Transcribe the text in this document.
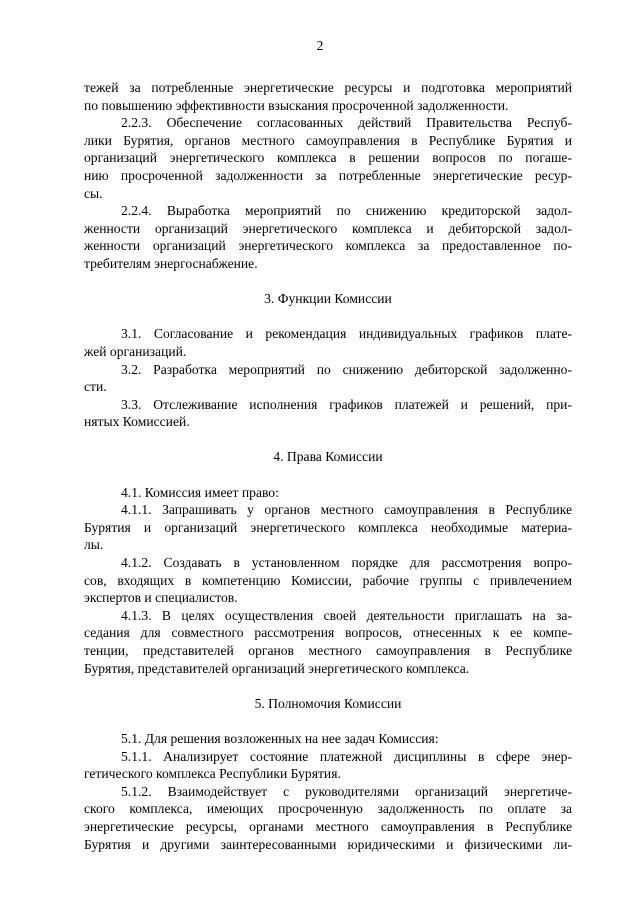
2
тежей за потребленные энергетические ресурсы и подготовка мероприятий
по повышению эффективности взыскания просроченной задолженности.
2.2.3. Обеспечение согласованных действий Правительства Респуб-
лики Бурятия, органов местного самоуправления в Республике Бурятия и
организаций энергетического комплекса в решении вопросов по погаше-
нию просроченной задолженности за потребленные энергетические ресур-
сы.
2.2.4. Выработка мероприятий по снижению кредиторской задол-
женности организаций энергетического комплекса и дебиторской задол-
женности организаций энергетического комплекса за предоставленное по-
требителям энергоснабжение.
3. Функции Комиссии
3.1. Согласование и рекомендация индивидуальных графиков плате-
жей организаций.
3.2. Разработка мероприятий по снижению дебиторской задолженно-
сти.
3.3. Отслеживание исполнения графиков платежей и решений, при-
нятых Комиссией.
4. Права Комиссии
4.1. Комиссия имеет право:
4.1.1. Запрашивать у органов местного самоуправления в Республике
Бурятия и организаций энергетического комплекса необходимые материа-
лы.
4.1.2. Создавать в установленном порядке для рассмотрения вопро-
сов, входящих в компетенцию Комиссии, рабочие группы с привлечением
экспертов и специалистов.
4.1.3. В целях осуществления своей деятельности приглашать на за-
седания для совместного рассмотрения вопросов, отнесенных к ее компе-
тенции, представителей органов местного самоуправления в Республике
Бурятия, представителей организаций энергетического комплекса.
5. Полномочия Комиссии
5.1. Для решения возложенных на нее задач Комиссия:
5.1.1. Анализирует состояние платежной дисциплины в сфере энер-
гетического комплекса Республики Бурятия.
5.1.2. Взаимодействует с руководителями организаций энергетиче-
ского комплекса, имеющих просроченную задолженность по оплате за
энергетические ресурсы, органами местного самоуправления в Республике
Бурятия и другими заинтересованными юридическими и физическими ли-
